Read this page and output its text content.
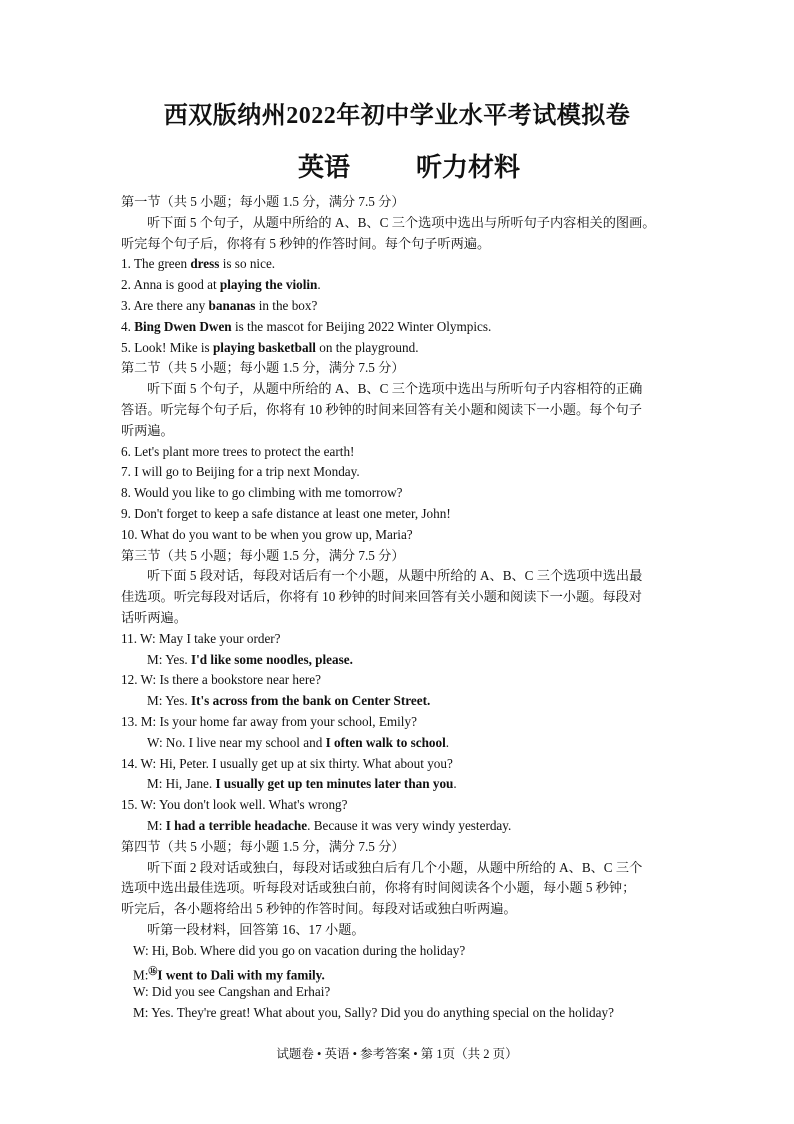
西双版纳州2022年初中学业水平考试模拟卷
英语	听力材料
第一节（共 5 小题；每小题 1.5 分，满分 7.5 分）
听下面 5 个句子，从题中所给的 A、B、C 三个选项中选出与所听句子内容相关的图画。
听完每个句子后，你将有 5 秒钟的作答时间。每个句子听两遍。
1. The green dress is so nice.
2. Anna is good at playing the violin.
3. Are there any bananas in the box?
4. Bing Dwen Dwen is the mascot for Beijing 2022 Winter Olympics.
5. Look! Mike is playing basketball on the playground.
第二节（共 5 小题；每小题 1.5 分，满分 7.5 分）
听下面 5 个句子，从题中所给的 A、B、C 三个选项中选出与所听句子内容相符的正确
答语。听完每个句子后，你将有 10 秒钟的时间来回答有关小题和阅读下一小题。每个句子
听两遍。
6. Let's plant more trees to protect the earth!
7. I will go to Beijing for a trip next Monday.
8. Would you like to go climbing with me tomorrow?
9. Don't forget to keep a safe distance at least one meter, John!
10. What do you want to be when you grow up, Maria?
第三节（共 5 小题；每小题 1.5 分，满分 7.5 分）
听下面 5 段对话，每段对话后有一个小题，从题中所给的 A、B、C 三个选项中选出最
佳选项。听完每段对话后，你将有 10 秒钟的时间来回答有关小题和阅读下一小题。每段对
话听两遍。
11. W: May I take your order?
M: Yes. I'd like some noodles, please.
12. W: Is there a bookstore near here?
M: Yes. It's across from the bank on Center Street.
13. M: Is your home far away from your school, Emily?
W: No. I live near my school and I often walk to school.
14. W: Hi, Peter. I usually get up at six thirty. What about you?
M: Hi, Jane. I usually get up ten minutes later than you.
15. W: You don't look well. What's wrong?
M: I had a terrible headache. Because it was very windy yesterday.
第四节（共 5 小题；每小题 1.5 分，满分 7.5 分）
听下面 2 段对话或独白，每段对话或独白后有几个小题，从题中所给的 A、B、C 三个
选项中选出最佳选项。听每段对话或独白前，你将有时间阅读各个小题，每小题 5 秒钟；
听完后，各小题将给出 5 秒钟的作答时间。每段对话或独白听两遍。
听第一段材料，回答第 16、17 小题。
W: Hi, Bob. Where did you go on vacation during the holiday?
M:⑯I went to Dali with my family.
W: Did you see Cangshan and Erhai?
M: Yes. They're great! What about you, Sally? Did you do anything special on the holiday?
试题卷 • 英语 • 参考答案 • 第 1页（共 2 页）
